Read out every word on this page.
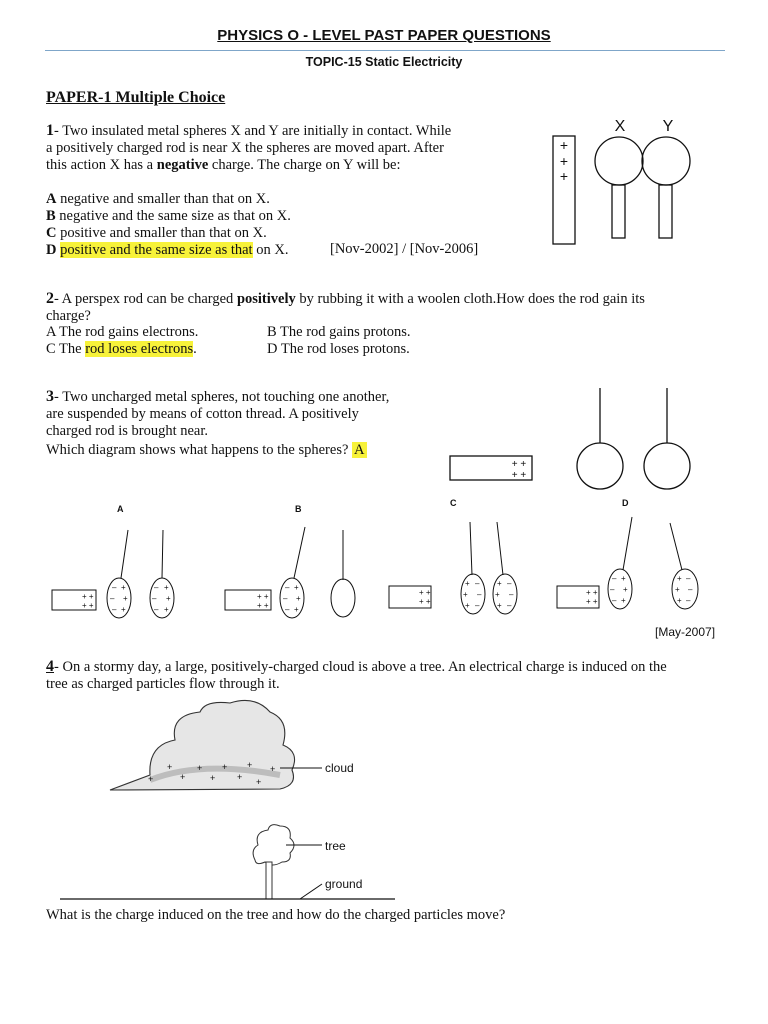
PHYSICS O - LEVEL PAST PAPER QUESTIONS
TOPIC-15 Static Electricity
PAPER-1 Multiple Choice
1- Two insulated metal spheres X and Y are initially in contact. While
a positively charged rod is near X the spheres are moved apart. After
this action X has a negative charge. The charge on Y will be:
A negative and smaller than that on X.
B negative and the same size as that on X.
C positive and smaller than that on X.
D positive and the same size as that on X.	[Nov-2002] / [Nov-2006]
+
+
+
X Y
+ +
+ +
A	B
C	D
+ +
+ +
– +
– +
– +
– +
– +
– +
+ +
+ +
– +
– +
– +
+ +
+ +
+ –
+ –
+ –
+ –
+ –
+ –
+ +
+ +
– +
– +
– +
+ –
+ –
+ –
+
+
+
+
+
+
+
+
+
+	cloud
tree
ground
2- A perspex rod can be charged positively by rubbing it with a woolen cloth.How does the rod gain its
charge?
A The rod gains electrons.	B The rod gains protons.
C The rod loses electrons.	D The rod loses protons.
3- Two uncharged metal spheres, not touching one another,
are suspended by means of cotton thread. A positively
charged rod is brought near.
Which diagram shows what happens to the spheres? A
[May-2007]
4- On a stormy day, a large, positively-charged cloud is above a tree. An electrical charge is induced on the
tree as charged particles flow through it.
What is the charge induced on the tree and how do the charged particles move?
